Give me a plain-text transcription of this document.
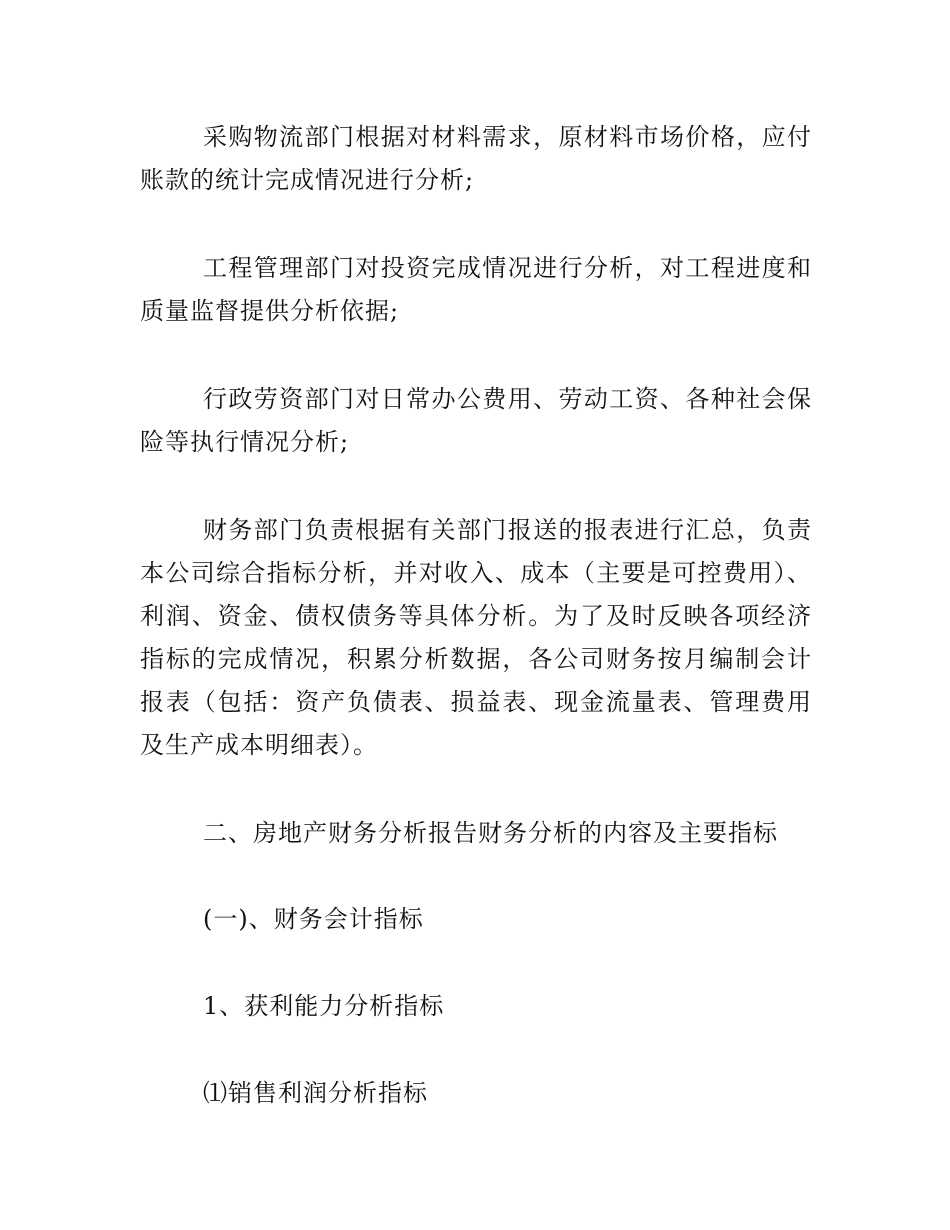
采购物流部门根据对材料需求，原材料市场价格，应付账款的统计完成情况进行分析;

工程管理部门对投资完成情况进行分析，对工程进度和质量监督提供分析依据;

行政劳资部门对日常办公费用、劳动工资、各种社会保险等执行情况分析;

财务部门负责根据有关部门报送的报表进行汇总，负责本公司综合指标分析，并对收入、成本（主要是可控费用）、利润、资金、债权债务等具体分析。为了及时反映各项经济指标的完成情况，积累分析数据，各公司财务按月编制会计报表（包括：资产负债表、损益表、现金流量表、管理费用及生产成本明细表）。

二、房地产财务分析报告财务分析的内容及主要指标

(一)、财务会计指标

1、获利能力分析指标

⑴销售利润分析指标
